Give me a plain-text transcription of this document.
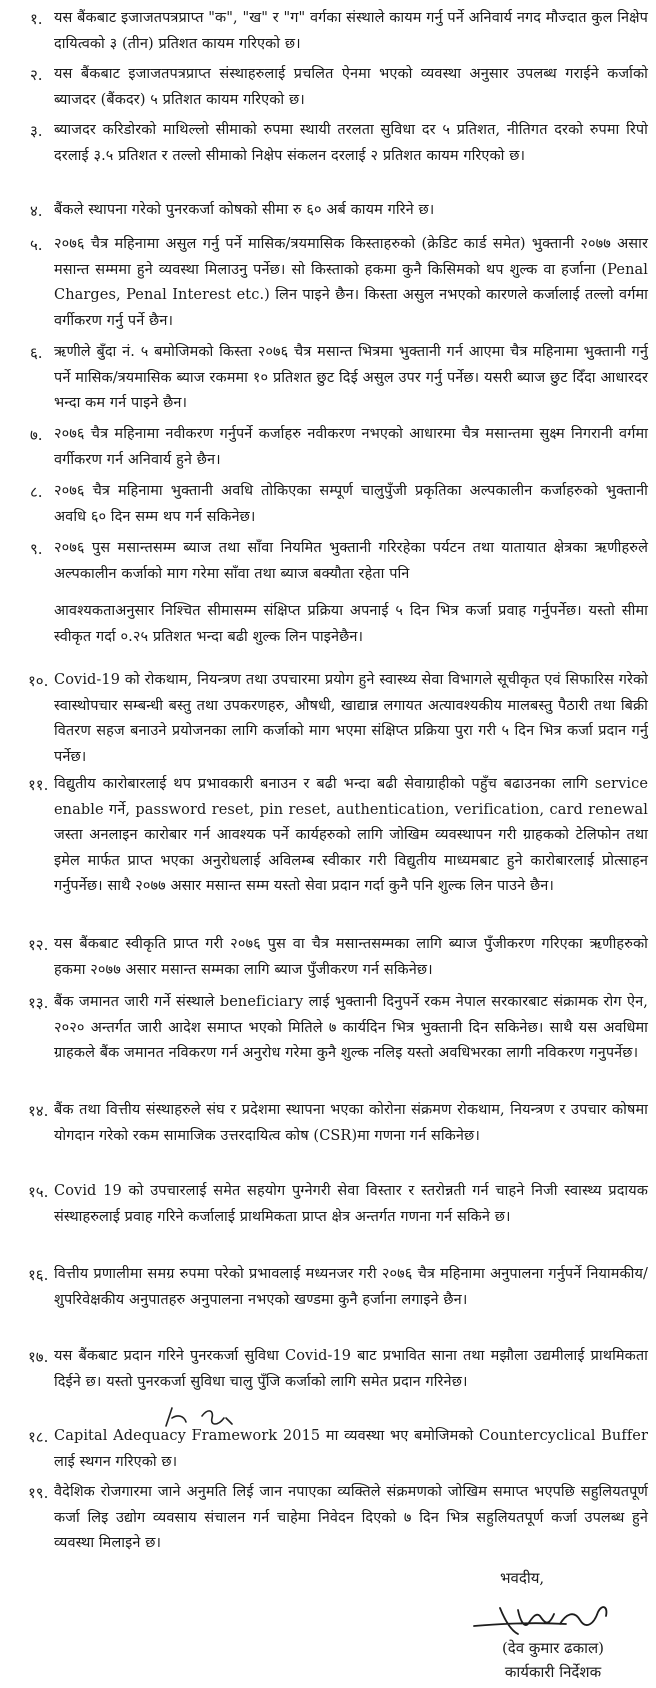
१. यस बैंकबाट इजाजतपत्रप्राप्त "क", "ख" र "ग" वर्गका संस्थाले कायम गर्नु पर्ने अनिवार्य नगद मौज्दात कुल निक्षेप दायित्वको ३ (तीन) प्रतिशत कायम गरिएको छ।
२. यस बैंकबाट इजाजतपत्रप्राप्त संस्थाहरुलाई प्रचलित ऐनमा भएको व्यवस्था अनुसार उपलब्ध गराईने कर्जाको ब्याजदर (बैंकदर) ५ प्रतिशत कायम गरिएको छ।
३. ब्याजदर करिडोरको माथिल्लो सीमाको रुपमा स्थायी तरलता सुविधा दर ५ प्रतिशत, नीतिगत दरको रुपमा रिपो दरलाई ३.५ प्रतिशत र तल्लो सीमाको निक्षेप संकलन दरलाई २ प्रतिशत कायम गरिएको छ।
४. बैंकले स्थापना गरेको पुनरकर्जा कोषको सीमा रु ६० अर्ब कायम गरिने छ।
५. २०७६ चैत्र महिनामा असुल गर्नु पर्ने मासिक/त्रयमासिक किस्ताहरुको (क्रेडिट कार्ड समेत) भुक्तानी २०७७ असार मसान्त सम्ममा हुने व्यवस्था मिलाउनु पर्नेछ। सो किस्ताको हकमा कुनै किसिमको थप शुल्क वा हर्जाना (Penal Charges, Penal Interest etc.) लिन पाइने छैन। किस्ता असुल नभएको कारणले कर्जालाई तल्लो वर्गमा वर्गीकरण गर्नु पर्ने छैन।
६. ऋणीले बुँदा नं. ५ बमोजिमको किस्ता २०७६ चैत्र मसान्त भित्रमा भुक्तानी गर्न आएमा चैत्र महिनामा भुक्तानी गर्नु पर्ने मासिक/त्रयमासिक ब्याज रकममा १० प्रतिशत छुट दिई असुल उपर गर्नु पर्नेछ। यसरी ब्याज छुट दिँदा आधारदर भन्दा कम गर्न पाइने छैन।
७. २०७६ चैत्र महिनामा नवीकरण गर्नुपर्ने कर्जाहरु नवीकरण नभएको आधारमा चैत्र मसान्तमा सुक्ष्म निगरानी वर्गमा वर्गीकरण गर्न अनिवार्य हुने छैन।
८. २०७६ चैत्र महिनामा भुक्तानी अवधि तोकिएका सम्पूर्ण चालुपुँजी प्रकृतिका अल्पकालीन कर्जाहरुको भुक्तानी अवधि ६० दिन सम्म थप गर्न सकिनेछ।
९. २०७६ पुस मसान्तसम्म ब्याज तथा साँवा नियमित भुक्तानी गरिरहेका पर्यटन तथा यातायात क्षेत्रका ऋणीहरुले अल्पकालीन कर्जाको माग गरेमा साँवा तथा ब्याज बक्यौता रहेता पनि
आवश्यकताअनुसार निश्चित सीमासम्म संक्षिप्त प्रक्रिया अपनाई ५ दिन भित्र कर्जा प्रवाह गर्नुपर्नेछ। यस्तो सीमा स्वीकृत गर्दा ०.२५ प्रतिशत भन्दा बढी शुल्क लिन पाइनेछैन।
१०. Covid-19 को रोकथाम, नियन्त्रण तथा उपचारमा प्रयोग हुने स्वास्थ्य सेवा विभागले सूचीकृत एवं सिफारिस गरेको स्वास्थोपचार सम्बन्धी बस्तु तथा उपकरणहरु, औषधी, खाद्यान्न लगायत अत्यावश्यकीय मालबस्तु पैठारी तथा बिक्री वितरण सहज बनाउने प्रयोजनका लागि कर्जाको माग भएमा संक्षिप्त प्रक्रिया पुरा गरी ५ दिन भित्र कर्जा प्रदान गर्नु पर्नेछ।
११. विद्युतीय कारोबारलाई थप प्रभावकारी बनाउन र बढी भन्दा बढी सेवाग्राहीको पहुँच बढाउनका लागि service enable गर्ने, password reset, pin reset, authentication, verification, card renewal जस्ता अनलाइन कारोबार गर्न आवश्यक पर्ने कार्यहरुको लागि जोखिम व्यवस्थापन गरी ग्राहकको टेलिफोन तथा इमेल मार्फत प्राप्त भएका अनुरोधलाई अविलम्ब स्वीकार गरी विद्युतीय माध्यमबाट हुने कारोबारलाई प्रोत्साहन गर्नुपर्नेछ। साथै २०७७ असार मसान्त सम्म यस्तो सेवा प्रदान गर्दा कुनै पनि शुल्क लिन पाउने छैन।
१२. यस बैंकबाट स्वीकृति प्राप्त गरी २०७६ पुस वा चैत्र मसान्तसम्मका लागि ब्याज पुँजीकरण गरिएका ऋणीहरुको हकमा २०७७ असार मसान्त सम्मका लागि ब्याज पुँजीकरण गर्न सकिनेछ।
१३. बैंक जमानत जारी गर्ने संस्थाले beneficiary लाई भुक्तानी दिनुपर्ने रकम नेपाल सरकारबाट संक्रामक रोग ऐन, २०२० अन्तर्गत जारी आदेश समाप्त भएको मितिले ७ कार्यदिन भित्र भुक्तानी दिन सकिनेछ। साथै यस अवधिमा ग्राहकले बैंक जमानत नविकरण गर्न अनुरोध गरेमा कुनै शुल्क नलिइ यस्तो अवधिभरका लागी नविकरण गनुपर्नेछ।
१४. बैंक तथा वित्तीय संस्थाहरुले संघ र प्रदेशमा स्थापना भएका कोरोना संक्रमण रोकथाम, नियन्त्रण र उपचार कोषमा योगदान गरेको रकम सामाजिक उत्तरदायित्व कोष (CSR)मा गणना गर्न सकिनेछ।
१५. Covid 19 को उपचारलाई समेत सहयोग पुग्नेगरी सेवा विस्तार र स्तरोन्नती गर्न चाहने निजी स्वास्थ्य प्रदायक संस्थाहरुलाई प्रवाह गरिने कर्जालाई प्राथमिकता प्राप्त क्षेत्र अन्तर्गत गणना गर्न सकिने छ।
१६. वित्तीय प्रणालीमा समग्र रुपमा परेको प्रभावलाई मध्यनजर गरी २०७६ चैत्र महिनामा अनुपालना गर्नुपर्ने नियामकीय/शुपरिवेक्षकीय अनुपातहरु अनुपालना नभएको खण्डमा कुनै हर्जाना लगाइने छैन।
१७. यस बैंकबाट प्रदान गरिने पुनरकर्जा सुविधा Covid-19 बाट प्रभावित साना तथा मझौला उद्यमीलाई प्राथमिकता दिईने छ। यस्तो पुनरकर्जा सुविधा चालु पुँजि कर्जाको लागि समेत प्रदान गरिनेछ।
१८. Capital Adequacy Framework 2015 मा व्यवस्था भए बमोजिमको Countercyclical Buffer लाई स्थगन गरिएको छ।
१९. वैदेशिक रोजगारमा जाने अनुमति लिई जान नपाएका व्यक्तिले संक्रमणको जोखिम समाप्त भएपछि सहुलियतपूर्ण कर्जा लिइ उद्योग व्यवसाय संचालन गर्न चाहेमा निवेदन दिएको ७ दिन भित्र सहुलियतपूर्ण कर्जा उपलब्ध हुने व्यवस्था मिलाइने छ।
भवदीय,
(देव कुमार ढकाल)
कार्यकारी निर्देशक
